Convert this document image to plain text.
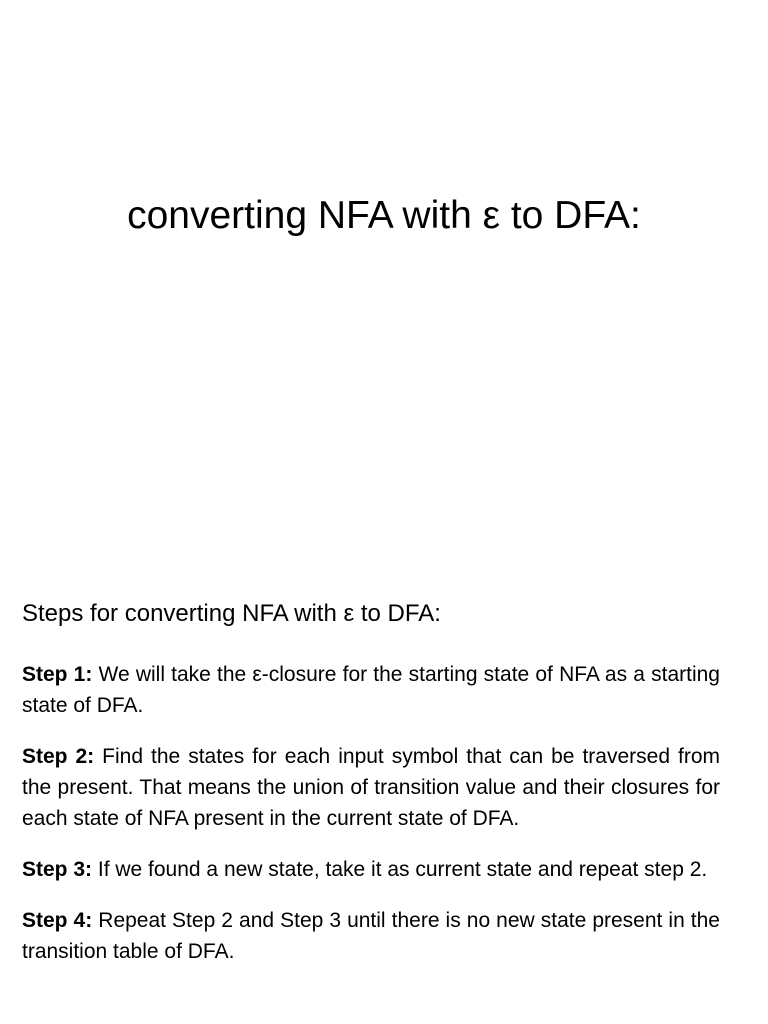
converting NFA with ε to DFA:

Steps for converting NFA with ε to DFA:

Step 1: We will take the ε-closure for the starting state of NFA as a starting state of DFA.

Step 2: Find the states for each input symbol that can be traversed from the present. That means the union of transition value and their closures for each state of NFA present in the current state of DFA.

Step 3: If we found a new state, take it as current state and repeat step 2.

Step 4: Repeat Step 2 and Step 3 until there is no new state present in the transition table of DFA.
